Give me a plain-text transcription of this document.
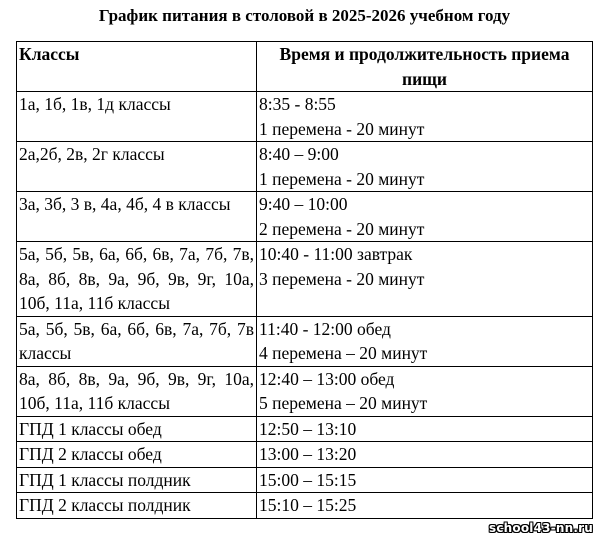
График питания в столовой в 2025-2026 учебном году
Классы	Время и продолжительность приема пищи
1а, 1б, 1в, 1д классы	8:35 - 8:55
1 перемена - 20 минут

2а,2б, 2в, 2г классы	8:40 – 9:00
1 перемена - 20 минут

3а, 3б, 3 в, 4а, 4б, 4 в классы	9:40 – 10:00
2 перемена - 20 минут

5а, 5б, 5в, 6а, 6б, 6в, 7а, 7б, 7в, 8а, 8б, 8в, 9а, 9б, 9в, 9г, 10а, 10б, 11а, 11б классы	10:40 - 11:00 завтрак
3 перемена - 20 минут

5а, 5б, 5в, 6а, 6б, 6в, 7а, 7б, 7в классы	11:40 - 12:00 обед
4 перемена – 20 минут

8а, 8б, 8в, 9а, 9б, 9в, 9г, 10а, 10б, 11а, 11б классы	12:40 – 13:00 обед
5 перемена – 20 минут

ГПД 1 классы обед	12:50 – 13:10

ГПД 2 классы обед	13:00 – 13:20

ГПД 1 классы полдник	15:00 – 15:15

ГПД 2 классы полдник	15:10 – 15:25
school43-nn.ru
